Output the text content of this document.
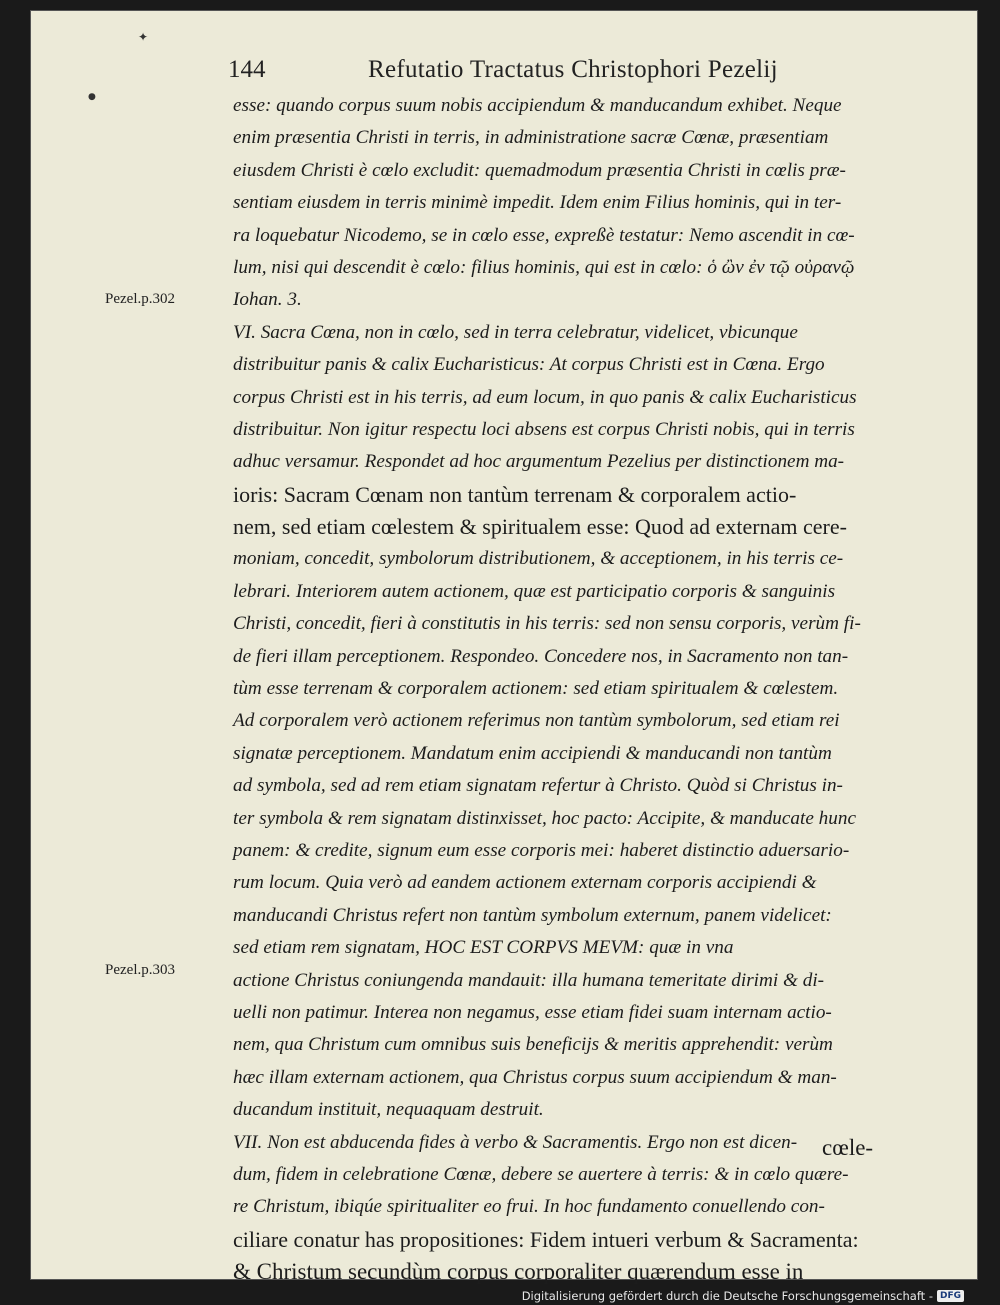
✦
●
144	Refutatio Tractatus Christophori Pezelij
Pezel.p.302
Pezel.p.303
esse: quando corpus suum nobis accipiendum & manducandum exhibet. Neque
enim præsentia Christi in terris, in administratione sacræ Cœnæ, præsentiam
eiusdem Christi è cœlo excludit: quemadmodum præsentia Christi in cœlis præ-
sentiam eiusdem in terris minimè impedit. Idem enim Filius hominis, qui in ter-
ra loquebatur Nicodemo, se in cœlo esse, expreßè testatur: Nemo ascendit in cœ-
lum, nisi qui descendit è cœlo: filius hominis, qui est in cœlo: ὁ ὢν ἐν τῷ οὐρανῷ
Iohan. 3.
VI. Sacra Cœna, non in cœlo, sed in terra celebratur, videlicet, vbicunque
distribuitur panis & calix Eucharisticus: At corpus Christi est in Cœna. Ergo
corpus Christi est in his terris, ad eum locum, in quo panis & calix Eucharisticus
distribuitur. Non igitur respectu loci absens est corpus Christi nobis, qui in terris
adhuc versamur. Respondet ad hoc argumentum Pezelius per distinctionem ma-
ioris: Sacram Cœnam non tantùm terrenam & corporalem actio-
nem, sed etiam cœlestem & spiritualem esse: Quod ad externam cere-
moniam, concedit, symbolorum distributionem, & acceptionem, in his terris ce-
lebrari. Interiorem autem actionem, quæ est participatio corporis & sanguinis
Christi, concedit, fieri à constitutis in his terris: sed non sensu corporis, verùm fi-
de fieri illam perceptionem. Respondeo. Concedere nos, in Sacramento non tan-
tùm esse terrenam & corporalem actionem: sed etiam spiritualem & cœlestem.
Ad corporalem verò actionem referimus non tantùm symbolorum, sed etiam rei
signatæ perceptionem. Mandatum enim accipiendi & manducandi non tantùm
ad symbola, sed ad rem etiam signatam refertur à Christo. Quòd si Christus in-
ter symbola & rem signatam distinxisset, hoc pacto: Accipite, & manducate hunc
panem: & credite, signum eum esse corporis mei: haberet distinctio aduersario-
rum locum. Quia verò ad eandem actionem externam corporis accipiendi &
manducandi Christus refert non tantùm symbolum externum, panem videlicet:
sed etiam rem signatam, HOC EST CORPVS MEVM: quæ in vna
actione Christus coniungenda mandauit: illa humana temeritate dirimi & di-
uelli non patimur. Interea non negamus, esse etiam fidei suam internam actio-
nem, qua Christum cum omnibus suis beneficijs & meritis apprehendit: verùm
hæc illam externam actionem, qua Christus corpus suum accipiendum & man-
ducandum instituit, nequaquam destruit.
VII. Non est abducenda fides à verbo & Sacramentis. Ergo non est dicen-
dum, fidem in celebratione Cœnæ, debere se auertere à terris: & in cœlo quære-
re Christum, ibiqúe spiritualiter eo frui. In hoc fundamento conuellendo con-
ciliare conatur has propositiones: Fidem intueri verbum & Sacramenta:
& Christum secundùm corpus corporaliter quærendum esse in
cœle-
Digitalisierung gefördert durch die Deutsche Forschungsgemeinschaft - DFG
